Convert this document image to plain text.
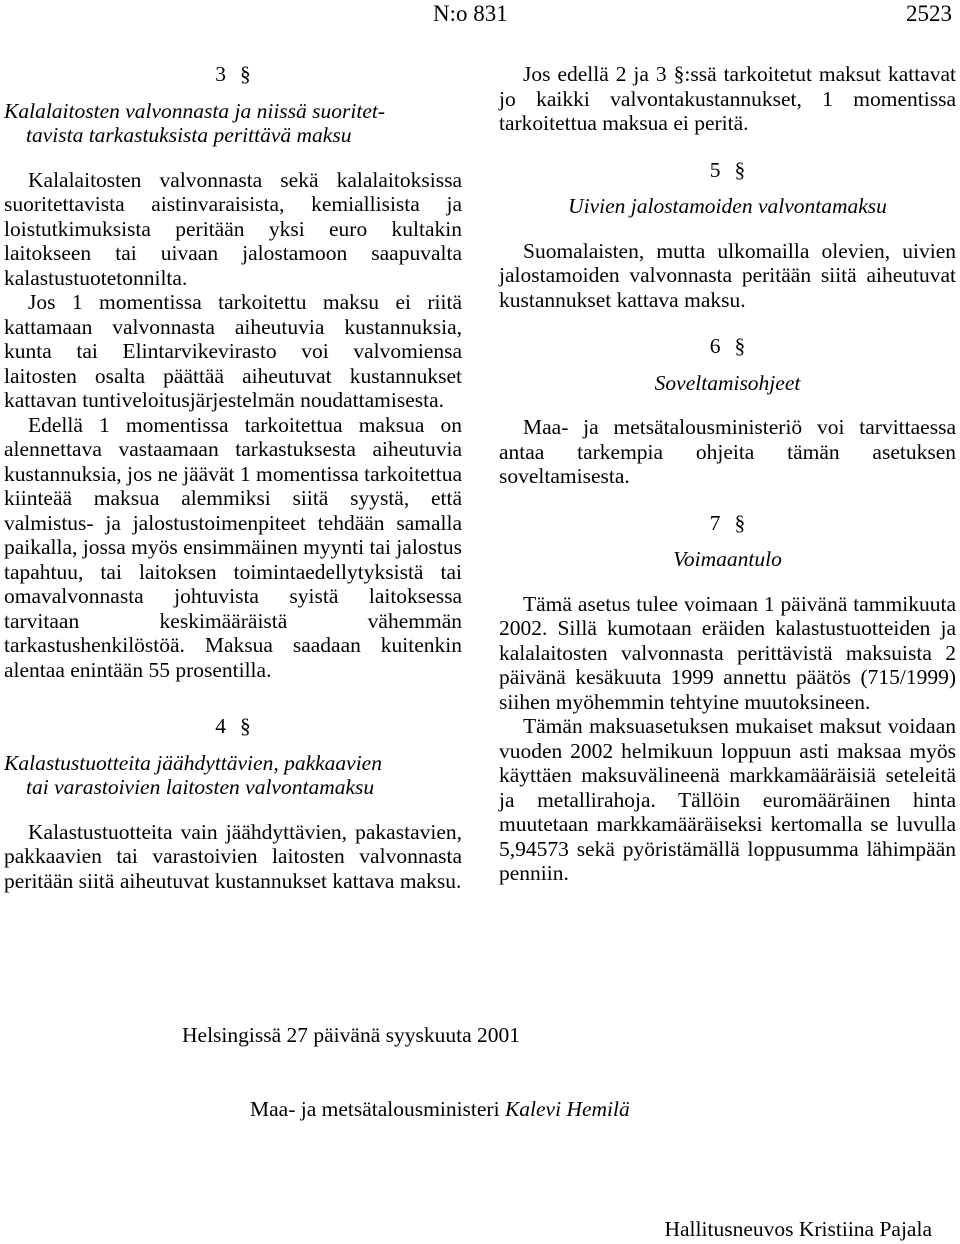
N:o 831	2523
3 §
Kalalaitosten valvonnasta ja niissä suoritet-
tavista tarkastuksista perittävä maksu

Kalalaitosten valvonnasta sekä kalalaitoksissa suoritettavista aistinvaraisista, kemiallisista ja loistutkimuksista peritään yksi euro kultakin laitokseen tai uivaan jalostamoon saapuvalta kalastustuotetonnilta.

Jos 1 momentissa tarkoitettu maksu ei riitä kattamaan valvonnasta aiheutuvia kustannuksia, kunta tai Elintarvikevirasto voi valvomiensa laitosten osalta päättää aiheutuvat kustannukset kattavan tuntiveloitusjärjestelmän noudattamisesta.

Edellä 1 momentissa tarkoitettua maksua on alennettava vastaamaan tarkastuksesta aiheutuvia kustannuksia, jos ne jäävät 1 momentissa tarkoitettua kiinteää maksua alemmiksi siitä syystä, että valmistus- ja jalostustoimenpiteet tehdään samalla paikalla, jossa myös ensimmäinen myynti tai jalostus tapahtuu, tai laitoksen toimintaedellytyksistä tai omavalvonnasta johtuvista syistä laitoksessa tarvitaan keskimääräistä vähemmän tarkastushenkilöstöä. Maksua saadaan kuitenkin alentaa enintään 55 prosentilla.

4 §
Kalastustuotteita jäähdyttävien, pakkaavien
tai varastoivien laitosten valvontamaksu

Kalastustuotteita vain jäähdyttävien, pakastavien, pakkaavien tai varastoivien laitosten valvonnasta peritään siitä aiheutuvat kustannukset kattava maksu.

Jos edellä 2 ja 3 §:ssä tarkoitetut maksut kattavat jo kaikki valvontakustannukset, 1 momentissa tarkoitettua maksua ei peritä.

5 §
Uivien jalostamoiden valvontamaksu

Suomalaisten, mutta ulkomailla olevien, uivien jalostamoiden valvonnasta peritään siitä aiheutuvat kustannukset kattava maksu.

6 §
Soveltamisohjeet

Maa- ja metsätalousministeriö voi tarvittaessa antaa tarkempia ohjeita tämän asetuksen soveltamisesta.

7 §
Voimaantulo

Tämä asetus tulee voimaan 1 päivänä tammikuuta 2002. Sillä kumotaan eräiden kalastustuotteiden ja kalalaitosten valvonnasta perittävistä maksuista 2 päivänä kesäkuuta 1999 annettu päätös (715/1999) siihen myöhemmin tehtyine muutoksineen.

Tämän maksuasetuksen mukaiset maksut voidaan vuoden 2002 helmikuun loppuun asti maksaa myös käyttäen maksuvälineenä markkamääräisiä seteleitä ja metallirahoja. Tällöin euromääräinen hinta muutetaan markkamääräiseksi kertomalla se luvulla 5,94573 sekä pyöristämällä loppusumma lähimpään penniin.

Helsingissä 27 päivänä syyskuuta 2001
Maa- ja metsätalousministeri Kalevi Hemilä
Hallitusneuvos Kristiina Pajala
